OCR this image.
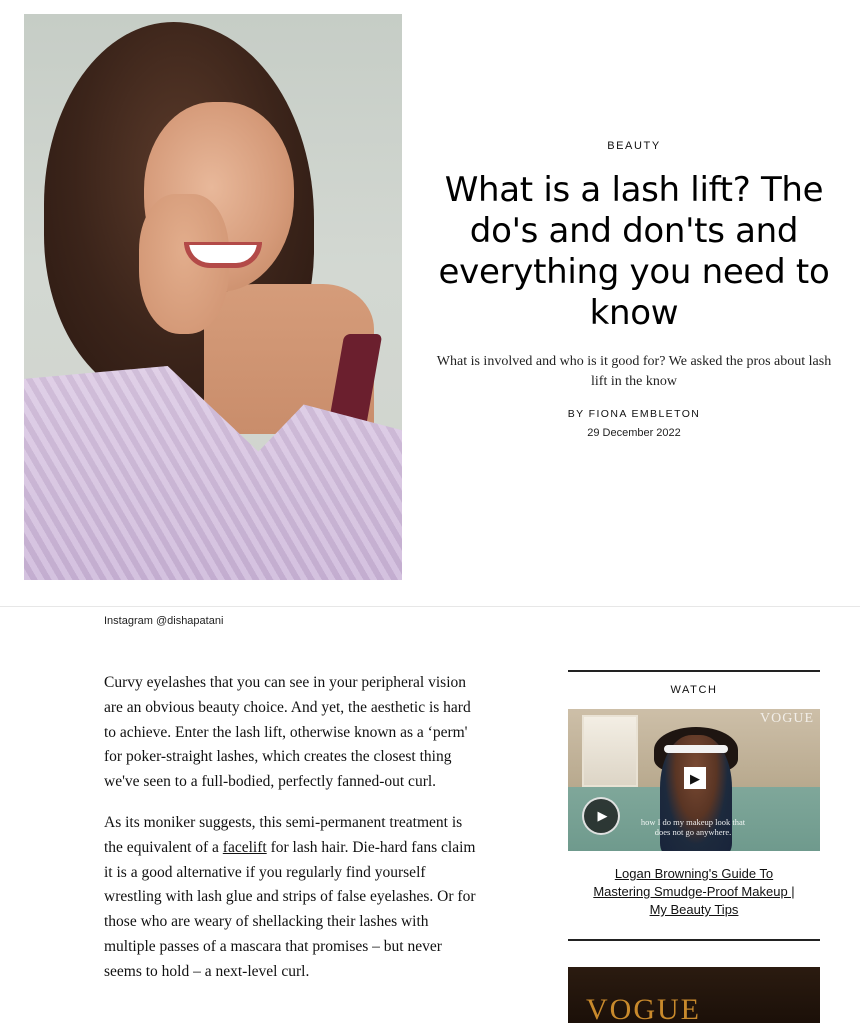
BEAUTY
What is a lash lift? The do's and don'ts and everything you need to know

What is involved and who is it good for? We asked the pros about lash lift in the know

BY FIONA EMBLETON
29 December 2022
Instagram @dishapatani

Curvy eyelashes that you can see in your peripheral vision are an obvious beauty choice. And yet, the aesthetic is hard to achieve. Enter the lash lift, otherwise known as a ‘perm' for poker-straight lashes, which creates the closest thing we've seen to a full-bodied, perfectly fanned-out curl.

As its moniker suggests, this semi-permanent treatment is the equivalent of a facelift for lash hair. Die-hard fans claim it is a good alternative if you regularly find yourself wrestling with lash glue and strips of false eyelashes. Or for those who are weary of shellacking their lashes with multiple passes of a mascara that promises – but never seems to hold – a next-level curl.

WATCH
VOGUE
▶
▶	how I do my makeup look that does not go anywhere.
Logan Browning's Guide To Mastering Smudge-Proof Makeup | My Beauty Tips
VOGUE
